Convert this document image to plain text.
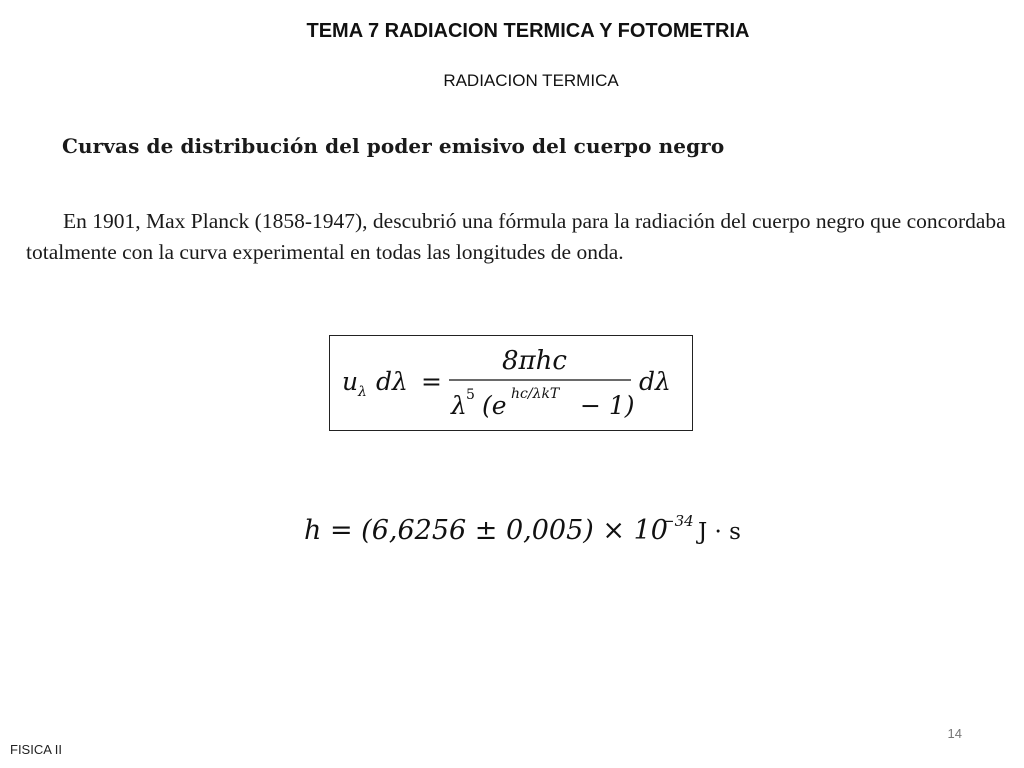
TEMA 7 RADIACION TERMICA Y FOTOMETRIA
RADIACION TERMICA
Curvas de distribución del poder emisivo del cuerpo negro
En 1901, Max Planck (1858-1947), descubrió una fórmula para la radiación del cuerpo negro que concordaba totalmente con la curva experimental en todas las longitudes de onda.
u λ dλ =
8πhc
λ 5 (e hc/λkT − 1)
dλ
h = (6,6256 ± 0,005) × 10
−34 J · s
14
FISICA II
